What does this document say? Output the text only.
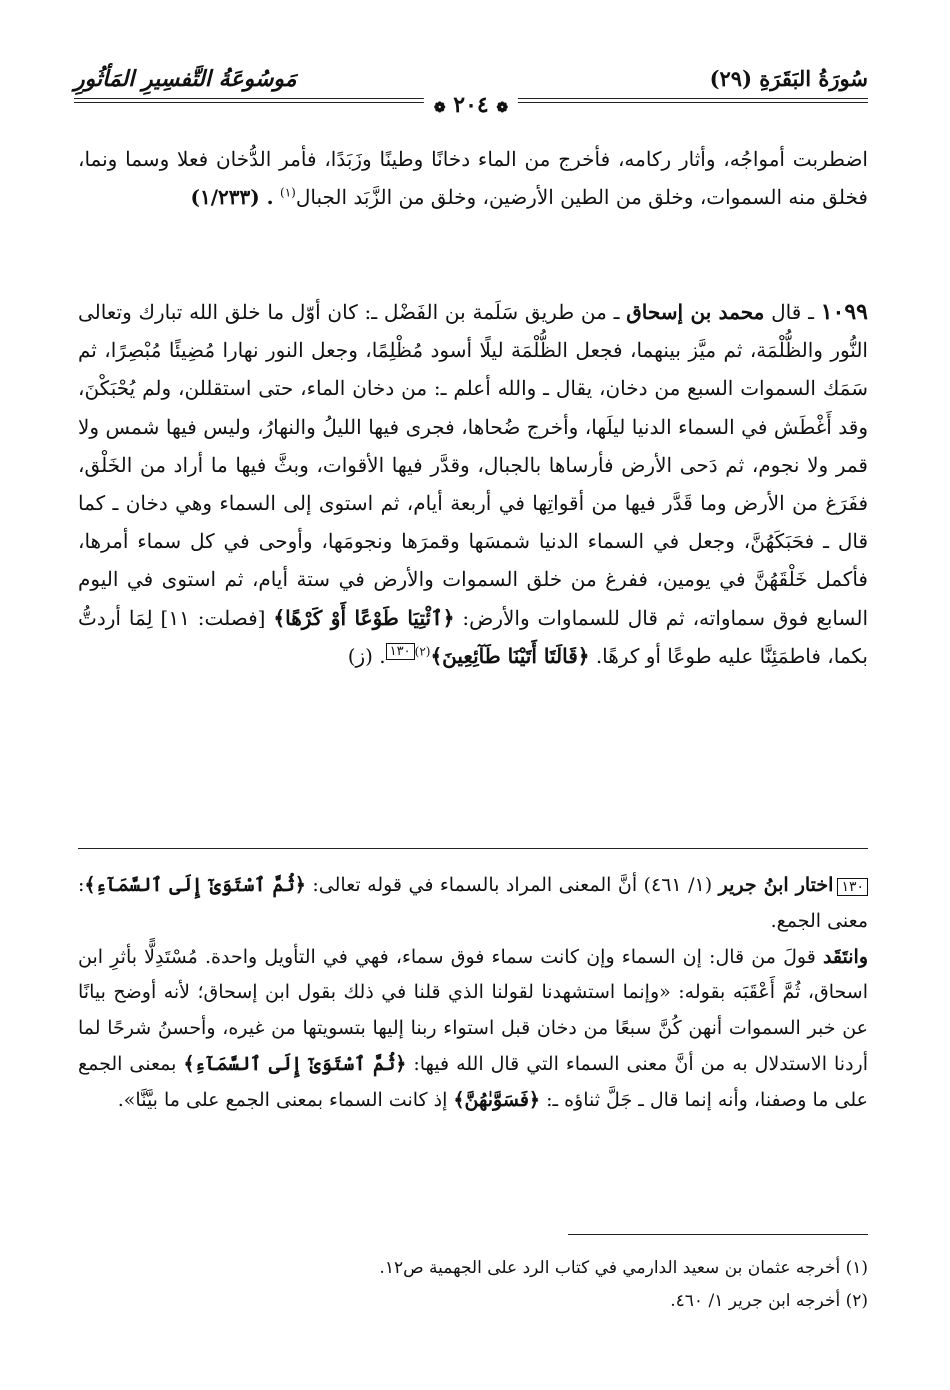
سُورَةُ البَقَرَةِ (٢٩)
مَوسُوعَةُ التَّفسِيرِ المَأثُورِ
❁ ٢٠٤ ❁

اضطربت أمواجُه، وأثار ركامه، فأخرج من الماء دخانًا وطينًا وزَبَدًا، فأمر الدُّخان فعلا وسما ونما، فخلق منه السموات، وخلق من الطين الأرضين، وخلق من الزَّبَد الجبال$^{(١)}$ . (١/٢٣٣)

١٠٩٩ ـ قال محمد بن إسحاق ـ من طريق سَلَمة بن الفَضْل ـ: كان أوّل ما خلق الله تبارك وتعالى النُّور والظُّلْمَة، ثم ميَّز بينهما، فجعل الظُّلْمَة ليلًا أسود مُظْلِمًا، وجعل النور نهارا مُضِيئًا مُبْصِرًا، ثم سَمَك السموات السبع من دخان، يقال ـ والله أعلم ـ: من دخان الماء، حتى استقللن، ولم يُحْبَكْنَ، وقد أَغْطَش في السماء الدنيا ليلَها، وأخرج ضُحاها، فجرى فيها الليلُ والنهارُ، وليس فيها شمس ولا قمر ولا نجوم، ثم دَحى الأرض فأرساها بالجبال، وقدَّر فيها الأقوات، وبثَّ فيها ما أراد من الخَلْق، ففَرَغ من الأرض وما قَدَّر فيها من أقواتِها في أربعة أيام، ثم استوى إلى السماء وهي دخان ـ كما قال ـ فحَبَكَهُنَّ، وجعل في السماء الدنيا شمسَها وقمرَها ونجومَها، وأوحى في كل سماء أمرها، فأكمل خَلْقَهُنَّ في يومين، ففرغ من خلق السموات والأرض في ستة أيام، ثم استوى في اليوم السابع فوق سماواته، ثم قال للسماوات والأرض: ﴿ٱئْتِيَا طَوْعًا أَوْ كَرْهًا﴾ [فصلت: ١١] لِمَا أردتُّ بكما، فاطمَئِنَّا عليه طوعًا أو كرهًا. ﴿قَالَتَا أَتَيْنَا طَآئِعِينَ﴾$^{(٢)}$١٣٠. (ز)

١٣٠اختار ابنُ جرير (١/ ٤٦١) أنَّ المعنى المراد بالسماء في قوله تعالى: ﴿ثُمَّ ٱسْتَوَىٰٓ إِلَى ٱلسَّمَآءِ﴾: معنى الجمع.

وانتَقَد قولَ من قال: إن السماء وإن كانت سماء فوق سماء، فهي في التأويل واحدة. مُسْتَدِلًّا بأثرِ ابن اسحاق، ثُمَّ أَعْقَبَه بقوله: «وإنما استشهدنا لقولنا الذي قلنا في ذلك بقول ابن إسحاق؛ لأنه أوضح بيانًا عن خبر السموات أنهن كُنَّ سبعًا من دخان قبل استواء ربنا إليها بتسويتها من غيره، وأحسنُ شرحًا لما أردنا الاستدلال به من أنَّ معنى السماء التي قال الله فيها: ﴿ثُمَّ ٱسْتَوَىٰٓ إِلَى ٱلسَّمَآءِ﴾ بمعنى الجمع على ما وصفنا، وأنه إنما قال ـ جَلَّ ثناؤه ـ: ﴿فَسَوَّىٰهُنَّ﴾ إذ كانت السماء بمعنى الجمع على ما بيَّنَّا».

(١) أخرجه عثمان بن سعيد الدارمي في كتاب الرد على الجهمية ص١٢.

(٢) أخرجه ابن جرير ١/ ٤٦٠.
